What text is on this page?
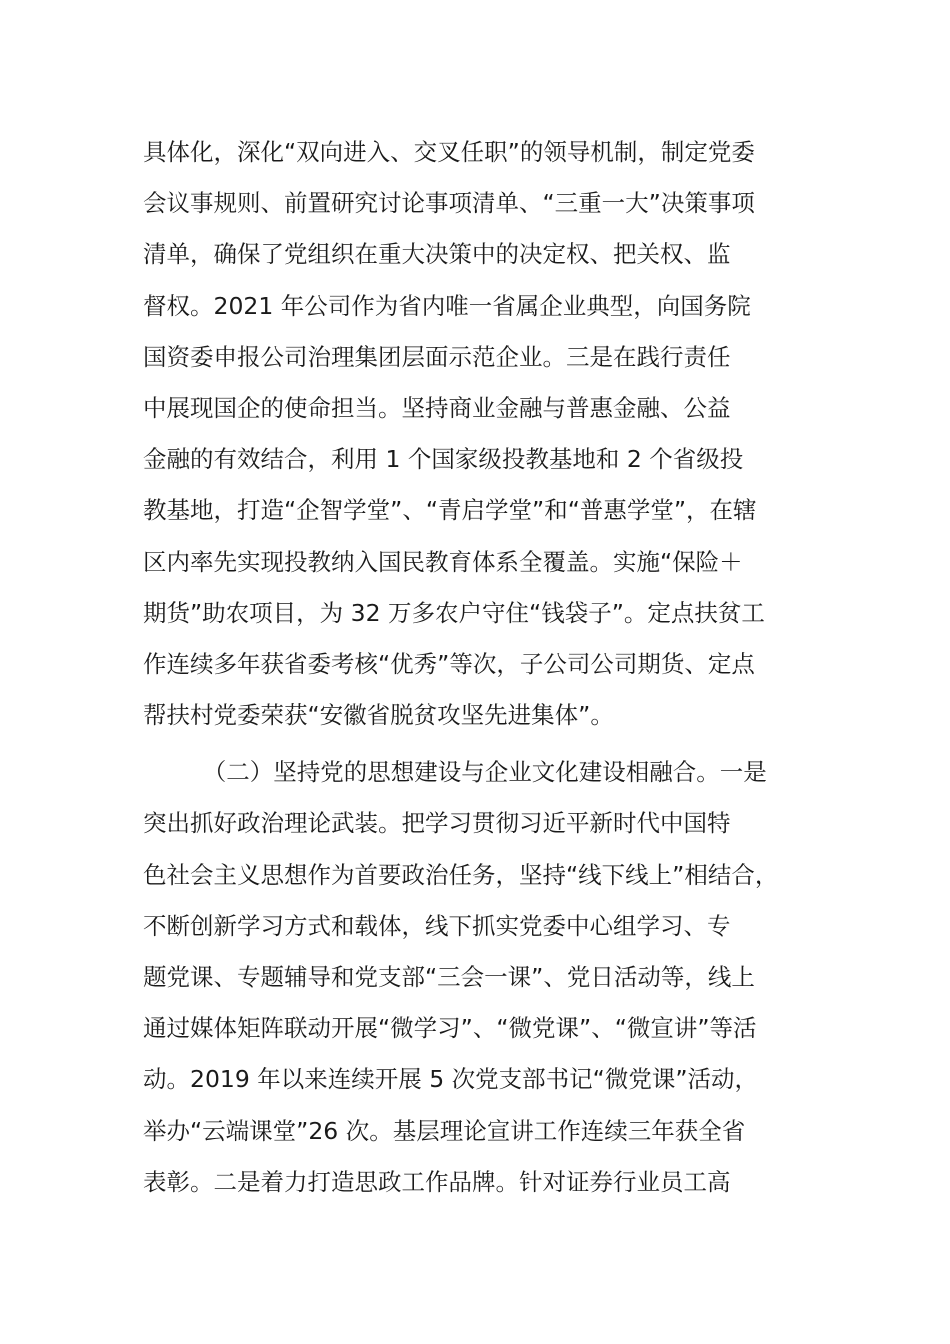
具体化，深化“双向进入、交叉任职”的领导机制，制定党委
会议事规则、前置研究讨论事项清单、“三重一大”决策事项
清单，确保了党组织在重大决策中的决定权、把关权、监
督权。2021 年公司作为省内唯一省属企业典型，向国务院
国资委申报公司治理集团层面示范企业。三是在践行责任
中展现国企的使命担当。坚持商业金融与普惠金融、公益
金融的有效结合，利用 1 个国家级投教基地和 2 个省级投
教基地，打造“企智学堂”、“青启学堂”和“普惠学堂”，在辖
区内率先实现投教纳入国民教育体系全覆盖。实施“保险＋
期货”助农项目，为 32 万多农户守住“钱袋子”。定点扶贫工
作连续多年获省委考核“优秀”等次，子公司公司期货、定点
帮扶村党委荣获“安徽省脱贫攻坚先进集体”。
（二）坚持党的思想建设与企业文化建设相融合。一是
突出抓好政治理论武装。把学习贯彻习近平新时代中国特
色社会主义思想作为首要政治任务，坚持“线下线上”相结合，
不断创新学习方式和载体，线下抓实党委中心组学习、专
题党课、专题辅导和党支部“三会一课”、党日活动等，线上
通过媒体矩阵联动开展“微学习”、“微党课”、“微宣讲”等活
动。2019 年以来连续开展 5 次党支部书记“微党课”活动，
举办“云端课堂”26 次。基层理论宣讲工作连续三年获全省
表彰。二是着力打造思政工作品牌。针对证券行业员工高
